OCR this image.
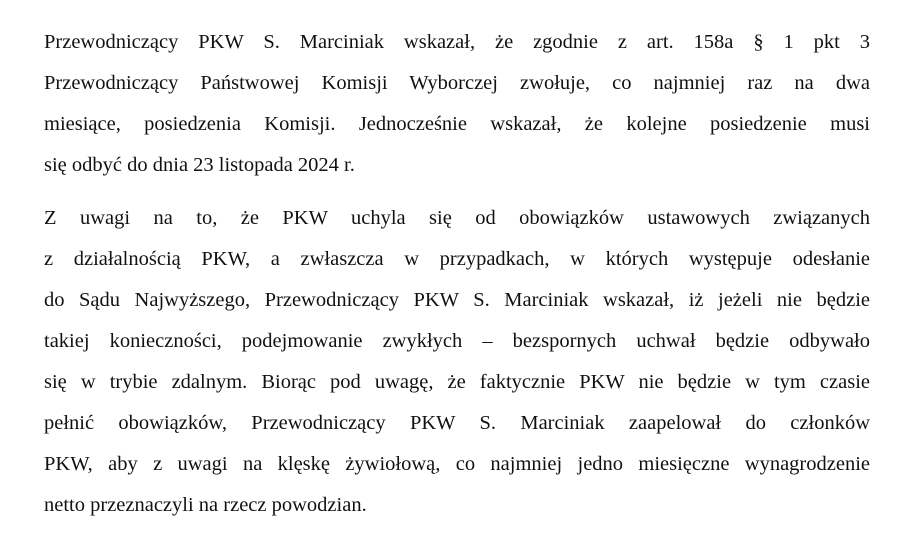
Przewodniczący PKW S. Marciniak wskazał, że zgodnie z art. 158a § 1 pkt 3
Przewodniczący Państwowej Komisji Wyborczej zwołuje, co najmniej raz na dwa
miesiące, posiedzenia Komisji. Jednocześnie wskazał, że kolejne posiedzenie musi
się odbyć do dnia 23 listopada 2024 r.

Z uwagi na to, że PKW uchyla się od obowiązków ustawowych związanych
z działalnością PKW, a zwłaszcza w przypadkach, w których występuje odesłanie
do Sądu Najwyższego, Przewodniczący PKW S. Marciniak wskazał, iż jeżeli nie będzie
takiej konieczności, podejmowanie zwykłych – bezspornych uchwał będzie odbywało
się w trybie zdalnym. Biorąc pod uwagę, że faktycznie PKW nie będzie w tym czasie
pełnić obowiązków, Przewodniczący PKW S. Marciniak zaapelował do członków
PKW, aby z uwagi na klęskę żywiołową, co najmniej jedno miesięczne wynagrodzenie
netto przeznaczyli na rzecz powodzian.
